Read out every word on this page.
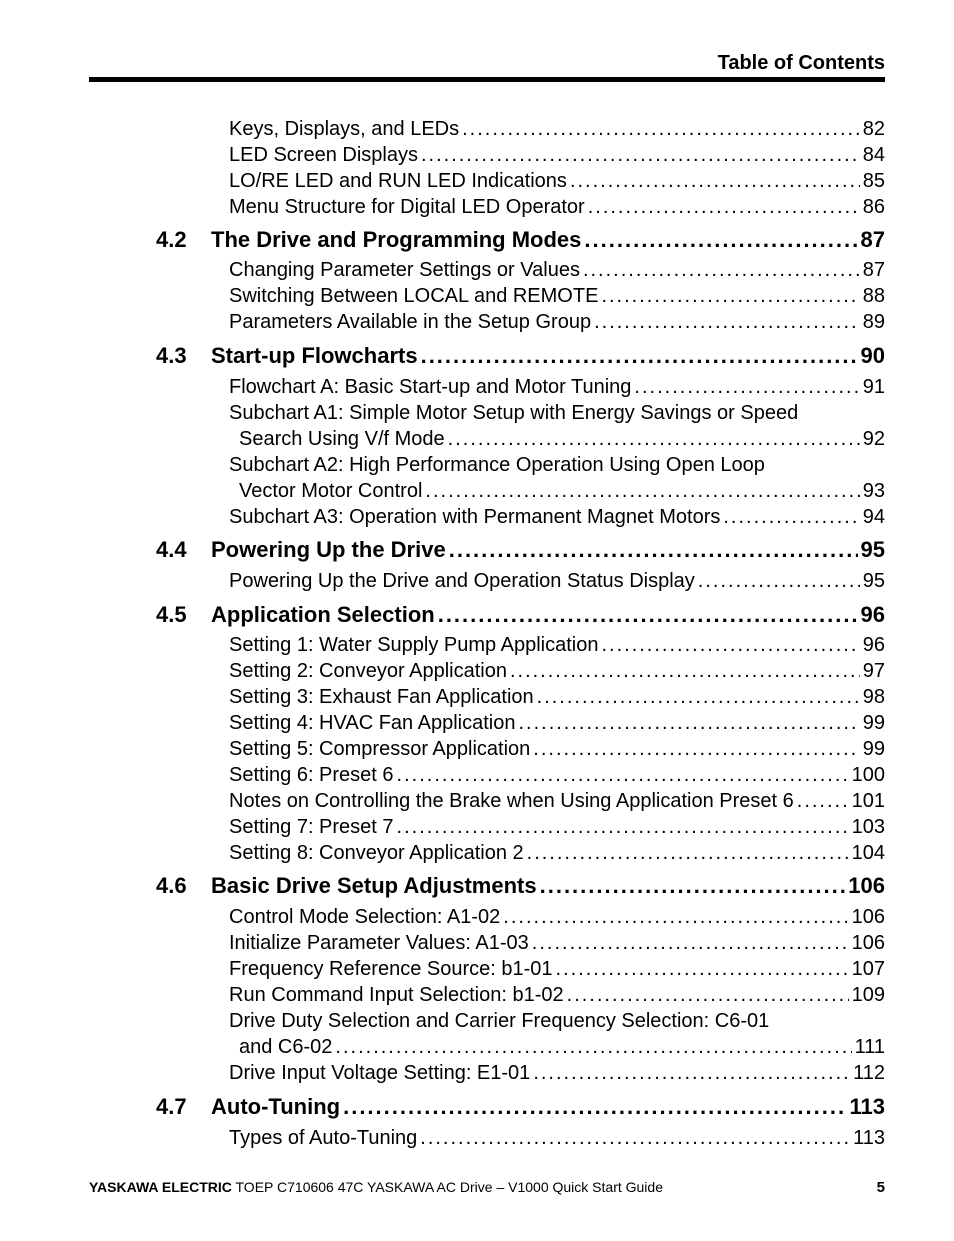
Table of Contents
Keys, Displays, and LEDs .....	82
LED Screen Displays .....	84
LO/RE LED and RUN LED Indications .....	85
Menu Structure for Digital LED Operator .....	86
4.2	The Drive and Programming Modes .....	87
Changing Parameter Settings or Values .....	87
Switching Between LOCAL and REMOTE .....	88
Parameters Available in the Setup Group .....	89
4.3	Start-up Flowcharts .....	90
Flowchart A: Basic Start-up and Motor Tuning .....	91
Subchart A1: Simple Motor Setup with Energy Savings or Speed
Search Using V/f Mode .....	92
Subchart A2: High Performance Operation Using Open Loop
Vector Motor Control .....	93
Subchart A3: Operation with Permanent Magnet Motors .....	94
4.4	Powering Up the Drive .....	95
Powering Up the Drive and Operation Status Display .....	95
4.5	Application Selection .....	96
Setting 1: Water Supply Pump Application .....	96
Setting 2: Conveyor Application .....	97
Setting 3: Exhaust Fan Application .....	98
Setting 4: HVAC Fan Application .....	99
Setting 5: Compressor Application .....	99
Setting 6: Preset 6 .....	100
Notes on Controlling the Brake when Using Application Preset 6 .....	101
Setting 7: Preset 7 .....	103
Setting 8: Conveyor Application 2 .....	104
4.6	Basic Drive Setup Adjustments .....	106
Control Mode Selection: A1-02 .....	106
Initialize Parameter Values: A1-03 .....	106
Frequency Reference Source: b1-01 .....	107
Run Command Input Selection: b1-02 .....	109
Drive Duty Selection and Carrier Frequency Selection: C6-01
and C6-02 .....	111
Drive Input Voltage Setting: E1-01 .....	112
4.7	Auto-Tuning .....	113
Types of Auto-Tuning .....	113
YASKAWA ELECTRIC TOEP C710606 47C YASKAWA AC Drive – V1000 Quick Start Guide	5
